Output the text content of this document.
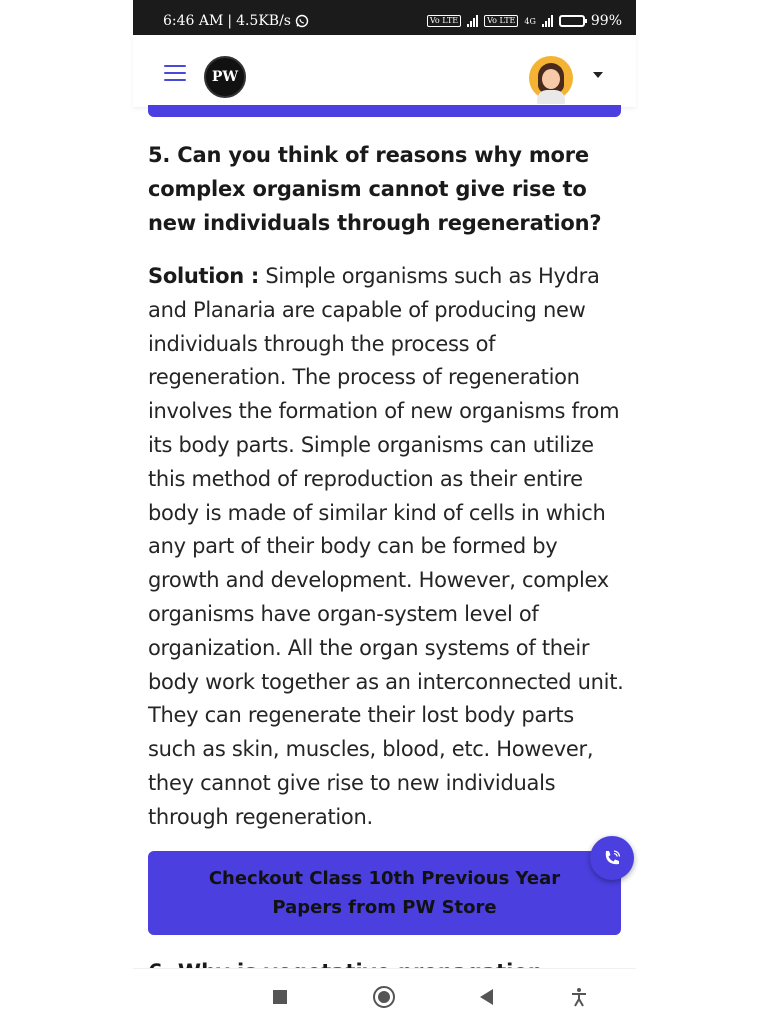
6:46 AM | 4.5KB/s	Vo LTE	Vo LTE	4G	99%
PW

5. Can you think of reasons why more complex organism cannot give rise to new individuals through regeneration?

Solution : Simple organisms such as Hydra and Planaria are capable of producing new individuals through the process of regeneration. The process of regeneration involves the formation of new organisms from its body parts. Simple organisms can utilize this method of reproduction as their entire body is made of similar kind of cells in which any part of their body can be formed by growth and development. However, complex organisms have organ-system level of organization. All the organ systems of their body work together as an interconnected unit. They can regenerate their lost body parts such as skin, muscles, blood, etc. However, they cannot give rise to new individuals through regeneration.

Checkout Class 10th Previous Year Papers from PW Store
